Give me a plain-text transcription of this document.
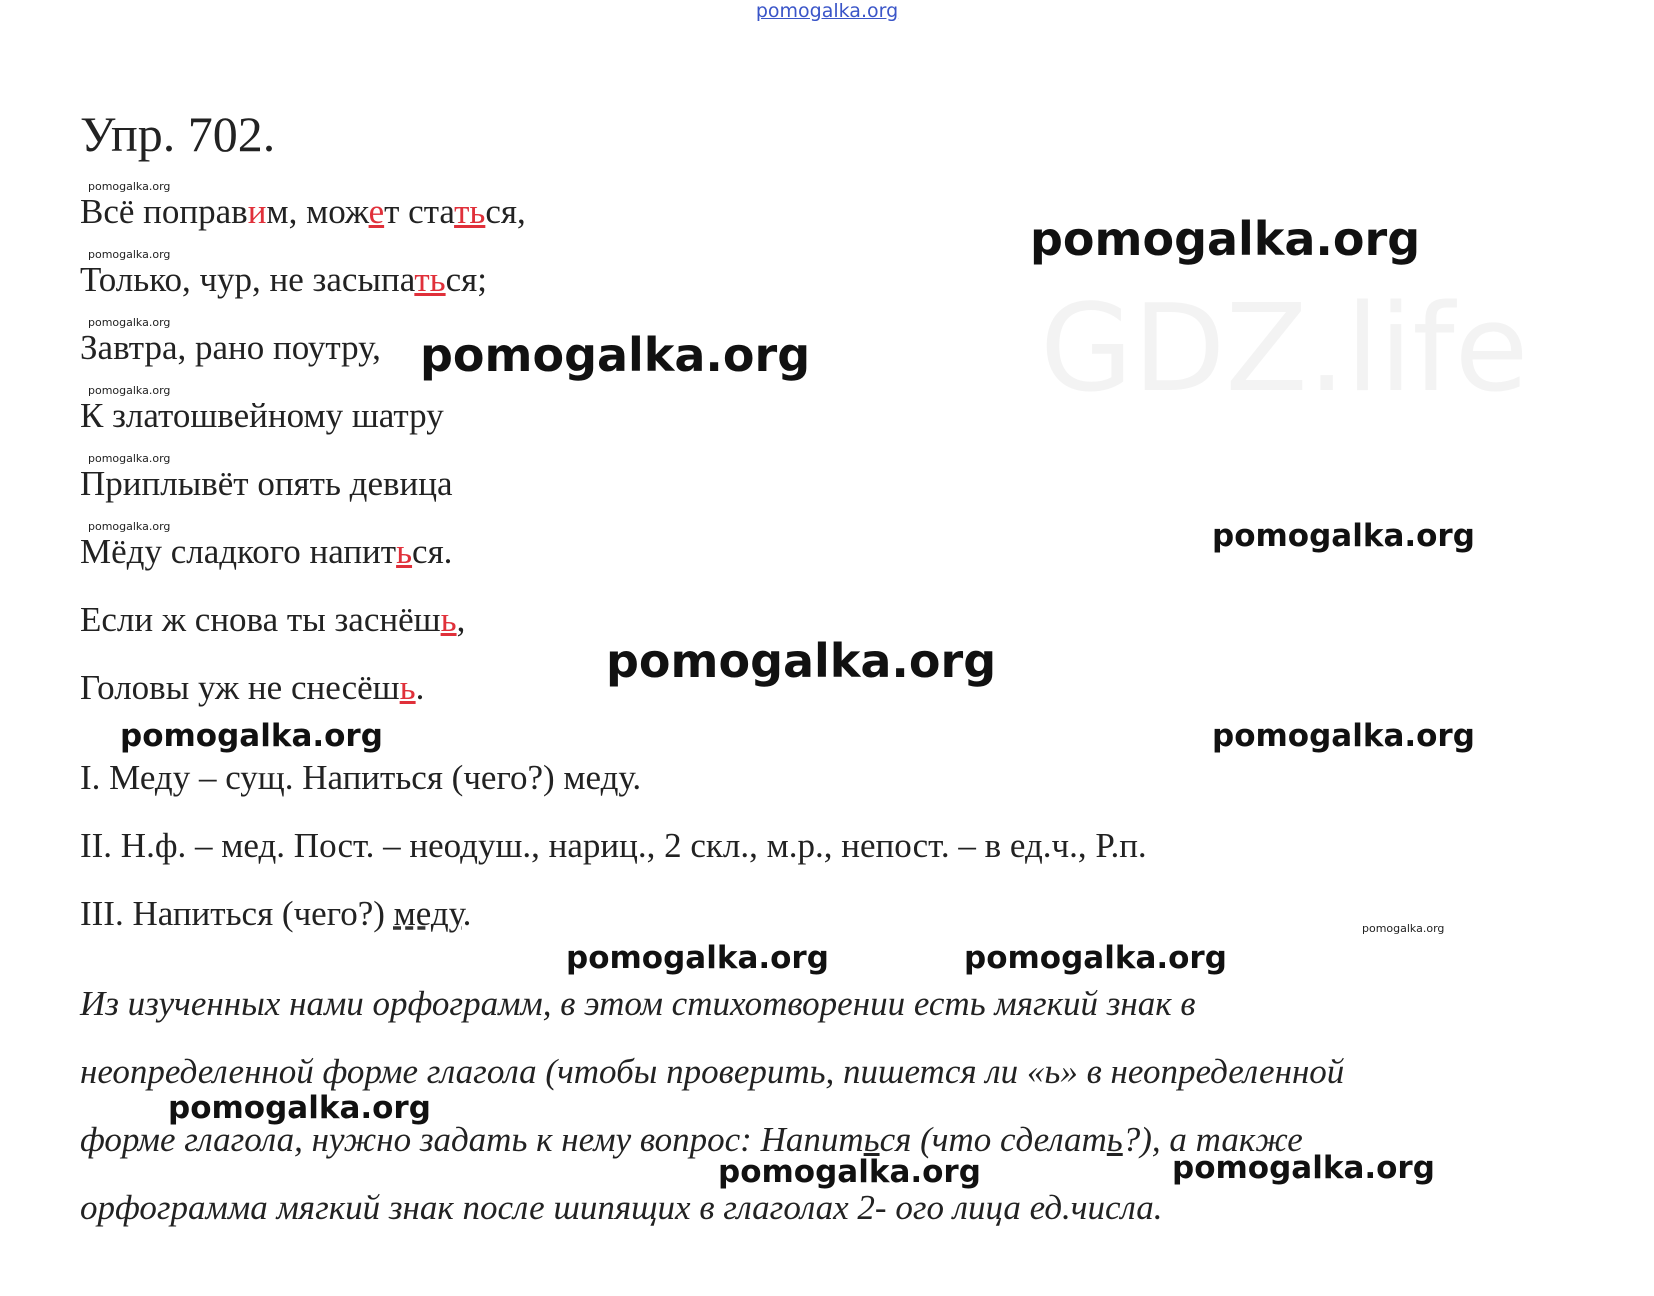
pomogalka.org
GDZ.life
Упр. 702.
pomogalka.org
pomogalka.org
pomogalka.org
pomogalka.org
pomogalka.org
pomogalka.org
pomogalka.org
Всё поправим, может статься,
Только, чур, не засыпаться;
Завтра, рано поутру,
К златошвейному шатру
Приплывёт опять девица
Мёду сладкого напиться.
Если ж снова ты заснёшь,
Головы уж не снесёшь.
I. Меду – сущ. Напиться (чего?) меду.
II. Н.ф. – мед. Пост. – неодуш., нариц., 2 скл., м.р., непост. – в ед.ч., Р.п.
III. Напиться (чего?) меду.
Из изученных нами орфограмм, в этом стихотворении есть мягкий знак в
неопределенной форме глагола (чтобы проверить, пишется ли «ь» в неопределенной
форме глагола, нужно задать к нему вопрос: Напиться (что сделать?), а также
орфограмма мягкий знак после шипящих в глаголах 2- ого лица ед.числа.
pomogalka.org
pomogalka.org
pomogalka.org
pomogalka.org
pomogalka.org	pomogalka.org
pomogalka.org	pomogalka.org
pomogalka.org
pomogalka.org	pomogalka.org
